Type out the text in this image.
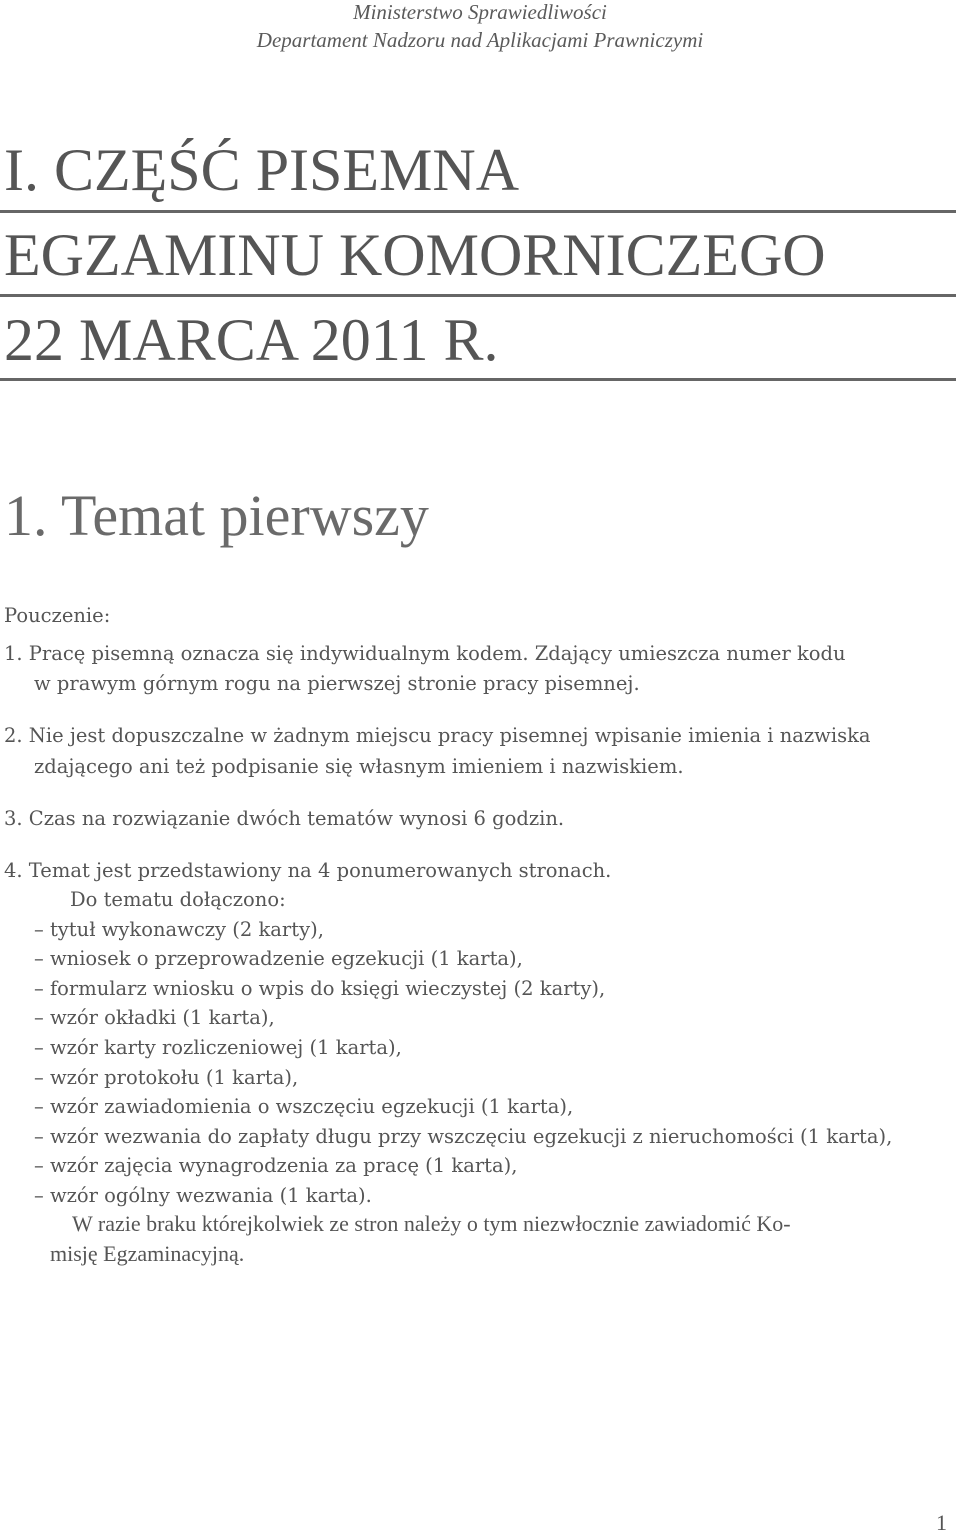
Ministerstwo Sprawiedliwości
Departament Nadzoru nad Aplikacjami Prawniczymi
I. CZĘŚĆ PISEMNA
EGZAMINU KOMORNICZEGO
22 MARCA 2011 R.
1. Temat pierwszy
Pouczenie:
1. Pracę pisemną oznacza się indywidualnym kodem. Zdający umieszcza numer kodu
w prawym górnym rogu na pierwszej stronie pracy pisemnej.
2. Nie jest dopuszczalne w żadnym miejscu pracy pisemnej wpisanie imienia i nazwiska
zdającego ani też podpisanie się własnym imieniem i nazwiskiem.
3. Czas na rozwiązanie dwóch tematów wynosi 6 godzin.
4. Temat jest przedstawiony na 4 ponumerowanych stronach.
Do tematu dołączono:
– tytuł wykonawczy (2 karty),
– wniosek o przeprowadzenie egzekucji (1 karta),
– formularz wniosku o wpis do księgi wieczystej (2 karty),
– wzór okładki (1 karta),
– wzór karty rozliczeniowej (1 karta),
– wzór protokołu (1 karta),
– wzór zawiadomienia o wszczęciu egzekucji (1 karta),
– wzór wezwania do zapłaty długu przy wszczęciu egzekucji z nieruchomości (1 karta),
– wzór zajęcia wynagrodzenia za pracę (1 karta),
– wzór ogólny wezwania (1 karta).
W razie braku którejkolwiek ze stron należy o tym niezwłocznie zawiadomić Ko-
misję Egzaminacyjną.
1
